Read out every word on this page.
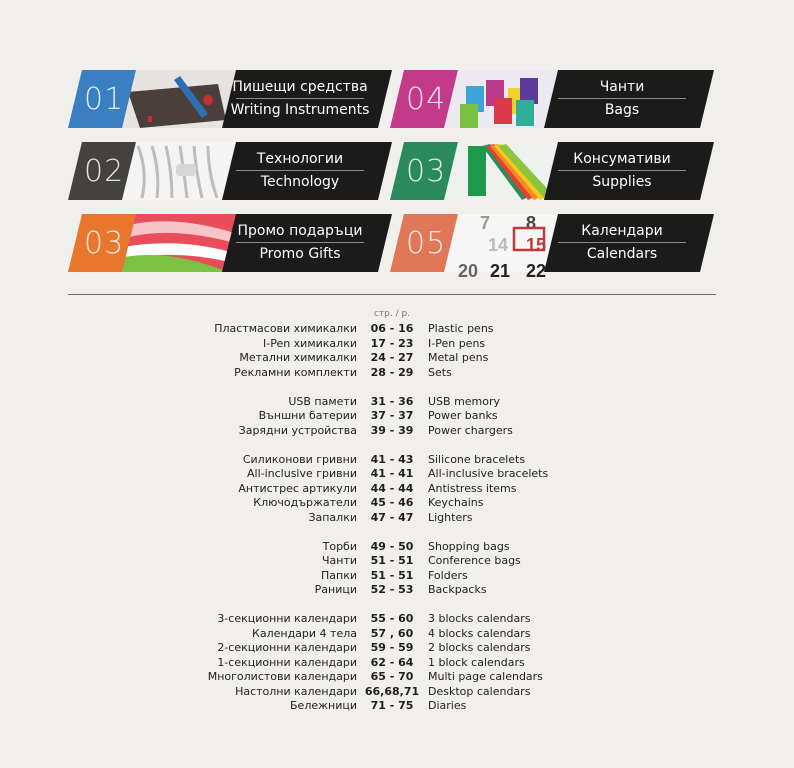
01	Пишещи средства
Writing Instruments
02	Технологии
Technology
03	Промо подаръци
Promo Gifts
04	Чанти
Bags
03	Консумативи
Supplies
7 8
14 15
20 21 22
05	Календари
Calendars
стр. / p.
Пластмасови химикалки	06 - 16	Plastic pens
I-Pen химикалки	17 - 23	I-Pen pens
Метални химикалки	24 - 27	Metal pens
Рекламни комплекти	28 - 29	Sets
USB памети	31 - 36	USB memory
Външни батерии	37 - 37	Power banks
Зарядни устройства	39 - 39	Power chargers
Силиконови гривни	41 - 43	Silicone bracelets
All-inclusive гривни	41 - 41	All-inclusive bracelets
Антистрес артикули	44 - 44	Antistress items
Ключодържатели	45 - 46	Keychains
Запалки	47 - 47	Lighters
Торби	49 - 50	Shopping bags
Чанти	51 - 51	Conference bags
Папки	51 - 51	Folders
Раници	52 - 53	Backpacks
3-секционни календари	55 - 60	3 blocks calendars
Календари 4 тела	57 , 60	4 blocks calendars
2-секционни календари	59 - 59	2 blocks calendars
1-секционни календари	62 - 64	1 block calendars
Многолистови календари	65 - 70	Multi page calendars
Настолни календари 66,68,71 Desktop calendars
Бележници	71 - 75	Diaries
